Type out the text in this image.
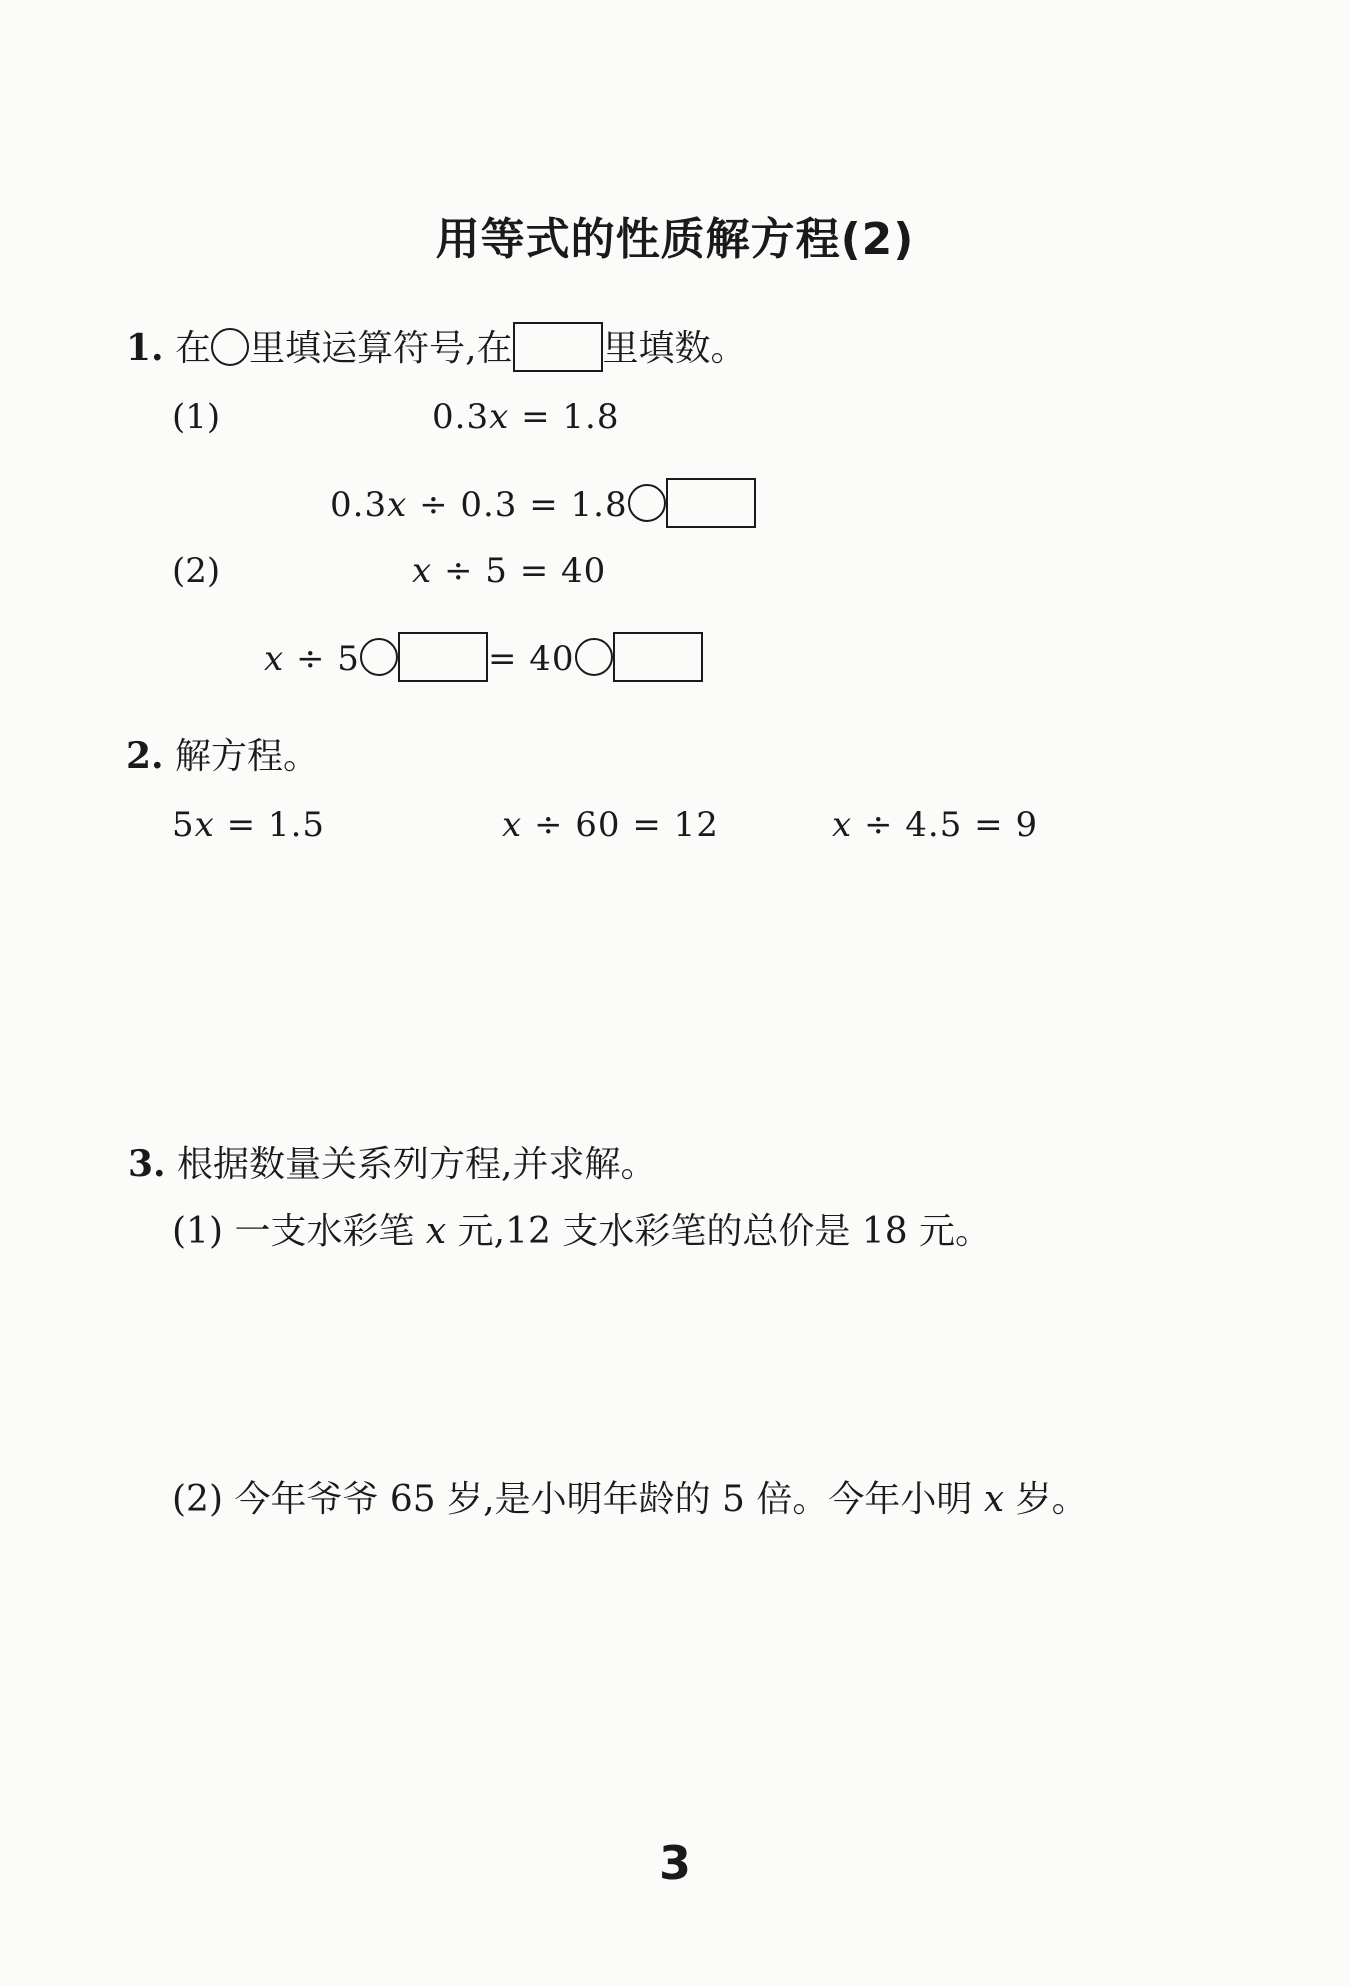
用等式的性质解方程(2)
1. 在 里填运算符号,在	里填数。
(1)	0.3x = 1.8
0.3x ÷ 0.3 = 1.8
(2)	x ÷ 5 = 40
x ÷ 5	= 40
2. 解方程。
5x = 1.5	x ÷ 60 = 12	x ÷ 4.5 = 9
3. 根据数量关系列方程,并求解。
(1) 一支水彩笔 x 元,12 支水彩笔的总价是 18 元。
(2) 今年爷爷 65 岁,是小明年龄的 5 倍。今年小明 x 岁。
3
